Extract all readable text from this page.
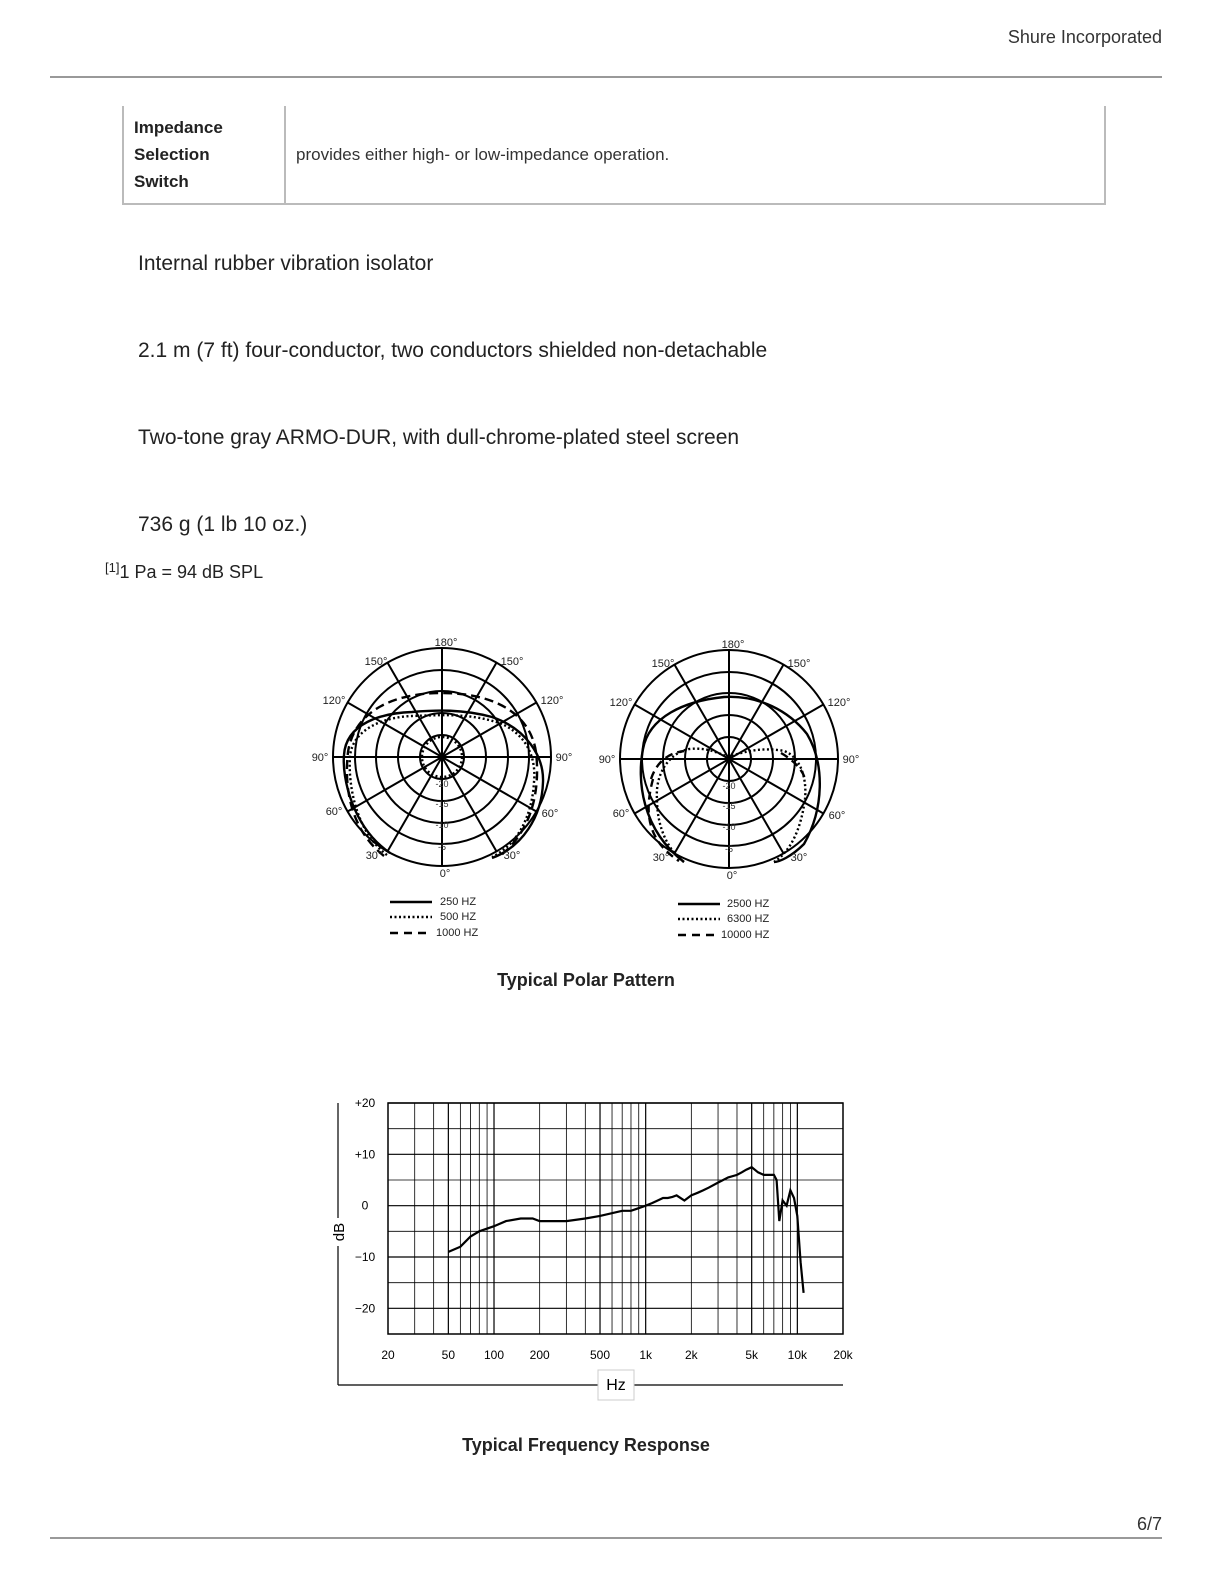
Shure Incorporated
Impedance
Selection
Switch
	provides either high- or low-impedance operation.
Internal rubber vibration isolator
2.1 m (7 ft) four-conductor, two conductors shielded non-detachable
Two-tone gray ARMO-DUR, with dull-chrome-plated steel screen
736 g (1 lb 10 oz.)
[1]1 Pa = 94 dB SPL
-20
-15
-10
-5
180°
150°	150°
120°	120°
90°	90°
60°	60°
30°	30°
0°
250 HZ
500 HZ
1000 HZ
-20
-15
-10
-5
180°
150°	150°
120°	120°
90°	90°
60°	60°
30°	30°
0°
2500 HZ
6300 HZ
10000 HZ
Typical Polar Pattern
+20
+10
0
−10
−20
20	50 100 200	500 1k	2k	5k 10k 20k
dB
Hz
Typical Frequency Response
6/7
